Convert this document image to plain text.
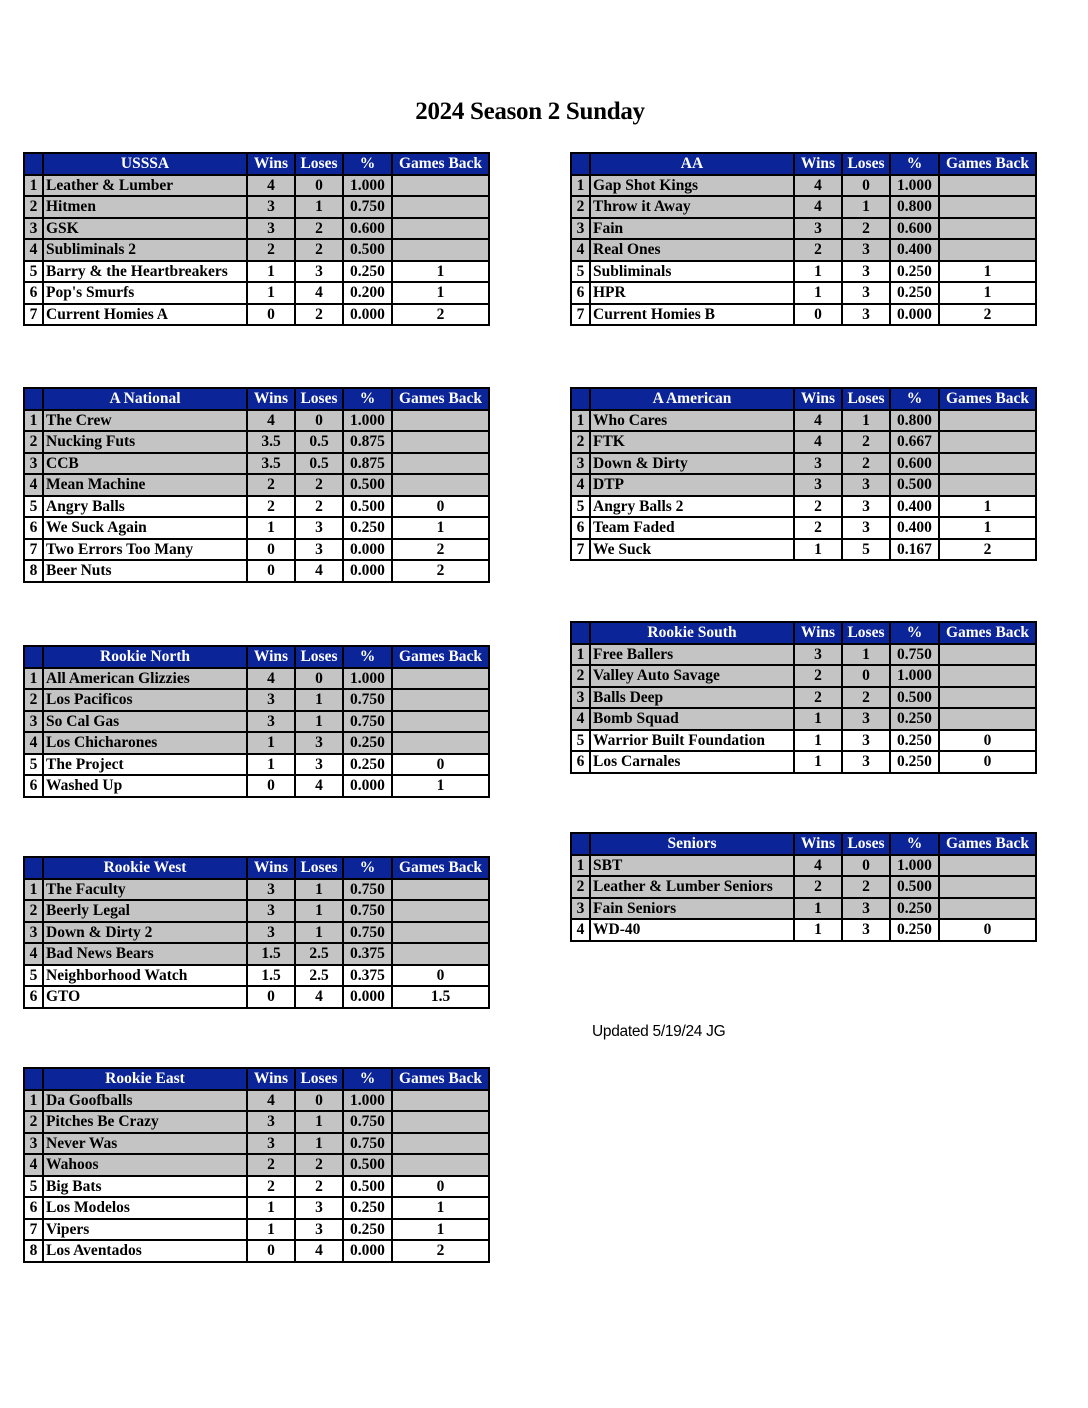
2024 Season 2 Sunday
	USSSA	Wins	Loses	%	Games Back
1	Leather & Lumber	4	0	1.000	
2	Hitmen	3	1	0.750	
3	GSK	3	2	0.600	
4	Subliminals 2	2	2	0.500	
5	Barry & the Heartbreakers	1	3	0.250	1
6	Pop's Smurfs	1	4	0.200	1
7	Current Homies A	0	2	0.000	2
	AA	Wins	Loses	%	Games Back
1	Gap Shot Kings	4	0	1.000	
2	Throw it Away	4	1	0.800	
3	Fain	3	2	0.600	
4	Real Ones	2	3	0.400	
5	Subliminals	1	3	0.250	1
6	HPR	1	3	0.250	1
7	Current Homies B	0	3	0.000	2
	A National	Wins	Loses	%	Games Back
1	The Crew	4	0	1.000	
2	Nucking Futs	3.5	0.5	0.875	
3	CCB	3.5	0.5	0.875	
4	Mean Machine	2	2	0.500	
5	Angry Balls	2	2	0.500	0
6	We Suck Again	1	3	0.250	1
7	Two Errors Too Many	0	3	0.000	2
8	Beer Nuts	0	4	0.000	2
	A American	Wins	Loses	%	Games Back
1	Who Cares	4	1	0.800	
2	FTK	4	2	0.667	
3	Down & Dirty	3	2	0.600	
4	DTP	3	3	0.500	
5	Angry Balls 2	2	3	0.400	1
6	Team Faded	2	3	0.400	1
7	We Suck	1	5	0.167	2
	Rookie North	Wins	Loses	%	Games Back
1	All American Glizzies	4	0	1.000	
2	Los Pacificos	3	1	0.750	
3	So Cal Gas	3	1	0.750	
4	Los Chicharones	1	3	0.250	
5	The Project	1	3	0.250	0
6	Washed Up	0	4	0.000	1
	Rookie South	Wins	Loses	%	Games Back
1	Free Ballers	3	1	0.750	
2	Valley Auto Savage	2	0	1.000	
3	Balls Deep	2	2	0.500	
4	Bomb Squad	1	3	0.250	
5	Warrior Built Foundation	1	3	0.250	0
6	Los Carnales	1	3	0.250	0
	Rookie West	Wins	Loses	%	Games Back
1	The Faculty	3	1	0.750	
2	Beerly Legal	3	1	0.750	
3	Down & Dirty 2	3	1	0.750	
4	Bad News Bears	1.5	2.5	0.375	
5	Neighborhood Watch	1.5	2.5	0.375	0
6	GTO	0	4	0.000	1.5
	Seniors	Wins	Loses	%	Games Back
1	SBT	4	0	1.000	
2	Leather & Lumber Seniors	2	2	0.500	
3	Fain Seniors	1	3	0.250	
4	WD-40	1	3	0.250	0
	Rookie East	Wins	Loses	%	Games Back
1	Da Goofballs	4	0	1.000	
2	Pitches Be Crazy	3	1	0.750	
3	Never Was	3	1	0.750	
4	Wahoos	2	2	0.500	
5	Big Bats	2	2	0.500	0
6	Los Modelos	1	3	0.250	1
7	Vipers	1	3	0.250	1
8	Los Aventados	0	4	0.000	2
Updated 5/19/24 JG
